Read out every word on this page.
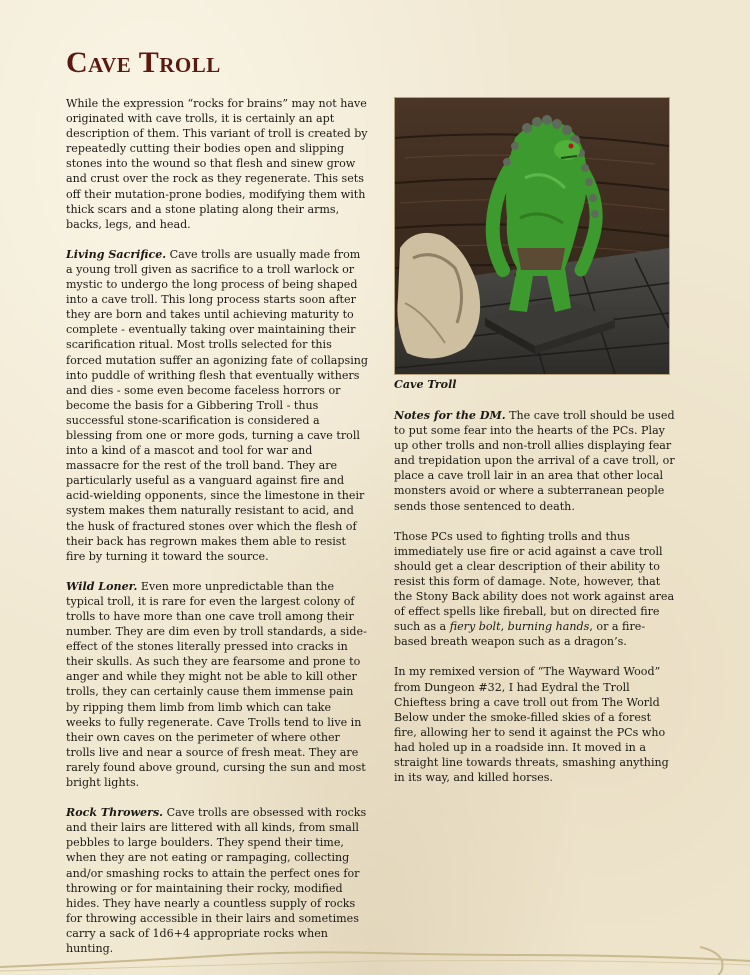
Cave Troll

While the expression “rocks for brains” may not have originated with cave trolls, it is certainly an apt description of them. This variant of troll is created by repeatedly cutting their bodies open and slipping stones into the wound so that flesh and sinew grow and crust over the rock as they regenerate. This sets off their mutation-prone bodies, modifying them with thick scars and a stone plating along their arms, backs, legs, and head.

Living Sacrifice. Cave trolls are usually made from a young troll given as sacrifice to a troll warlock or mystic to undergo the long process of being shaped into a cave troll. This long process starts soon after they are born and takes until achieving maturity to complete - eventually taking over maintaining their scarification ritual. Most trolls selected for this forced mutation suffer an agonizing fate of collapsing into puddle of writhing flesh that eventually withers and dies - some even become faceless horrors or become the basis for a Gibbering Troll - thus successful stone-scarification is considered a blessing from one or more gods, turning a cave troll into a kind of a mascot and tool for war and massacre for the rest of the troll band. They are particularly useful as a vanguard against fire and acid-wielding opponents, since the limestone in their system makes them naturally resistant to acid, and the husk of fractured stones over which the flesh of their back has regrown makes them able to resist fire by turning it toward the source.

Wild Loner. Even more unpredictable than the typical troll, it is rare for even the largest colony of trolls to have more than one cave troll among their number. They are dim even by troll standards, a side-effect of the stones literally pressed into cracks in their skulls. As such they are fearsome and prone to anger and while they might not be able to kill other trolls, they can certainly cause them immense pain by ripping them limb from limb which can take weeks to fully regenerate. Cave Trolls tend to live in their own caves on the perimeter of where other trolls live and near a source of fresh meat. They are rarely found above ground, cursing the sun and most bright lights.

Rock Throwers. Cave trolls are obsessed with rocks and their lairs are littered with all kinds, from small pebbles to large boulders. They spend their time, when they are not eating or rampaging, collecting and/or smashing rocks to attain the perfect ones for throwing or for maintaining their rocky, modified hides. They have nearly a countless supply of rocks for throwing accessible in their lairs and sometimes carry a sack of 1d6+4 appropriate rocks when hunting.

Cave Troll

Notes for the DM. The cave troll should be used to put some fear into the hearts of the PCs. Play up other trolls and non-troll allies displaying fear and trepidation upon the arrival of a cave troll, or place a cave troll lair in an area that other local monsters avoid or where a subterranean people sends those sentenced to death.

Those PCs used to fighting trolls and thus immediately use fire or acid against a cave troll should get a clear description of their ability to resist this form of damage. Note, however, that the Stony Back ability does not work against area of effect spells like fireball, but on directed fire such as a fiery bolt, burning hands, or a fire-based breath weapon such as a dragon’s.

In my remixed version of “The Wayward Wood” from Dungeon #32, I had Eydral the Troll Chieftess bring a cave troll out from The World Below under the smoke-filled skies of a forest fire, allowing her to send it against the PCs who had holed up in a roadside inn. It moved in a straight line towards threats, smashing anything in its way, and killed horses.
